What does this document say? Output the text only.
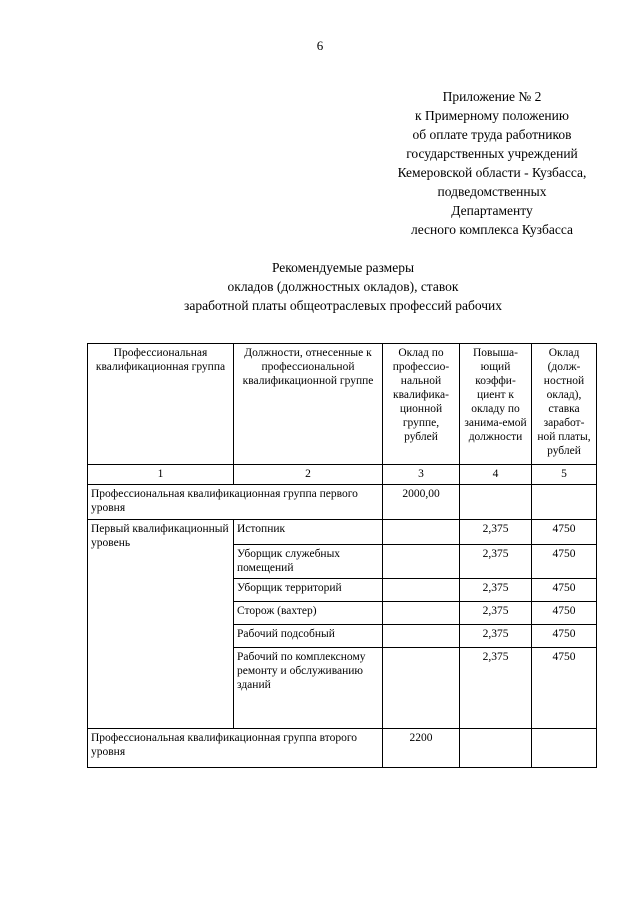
6
Приложение № 2
к Примерному положению
об оплате труда работников
государственных учреждений
Кемеровской области - Кузбасса,
подведомственных
Департаменту
лесного комплекса Кузбасса
Рекомендуемые размеры
окладов (должностных окладов), ставок
заработной платы общеотраслевых профессий рабочих
Профессиональная квалификационная группа	Должности, отнесенные к профессиональной квалификационной группе	Оклад по профессио-нальной квалифика-ционной группе, рублей	Повыша-ющий коэффи-циент к окладу по занима-емой должности	Оклад (долж-ностной оклад), ставка заработ-ной платы, рублей
1	2	3	4	5
Профессиональная квалификационная группа первого уровня		2000,00		
Первый квалификационный уровень	Истопник		2,375	4750
	Уборщик служебных помещений		2,375	4750
	Уборщик территорий		2,375	4750
	Сторож (вахтер)		2,375	4750
	Рабочий подсобный		2,375	4750
	Рабочий по комплексному ремонту и обслуживанию зданий		2,375	4750
Профессиональная квалификационная группа второго уровня		2200		
